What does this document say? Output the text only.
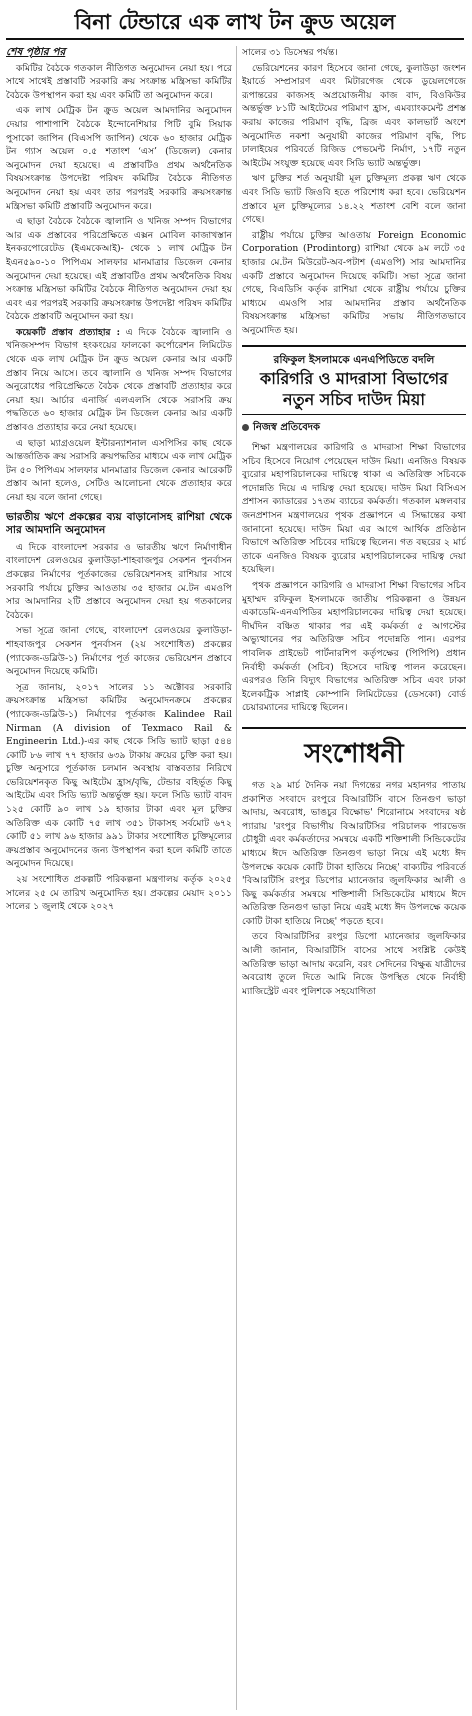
বিনা টেন্ডারে এক লাখ টন ক্রুড অয়েল
শেষ পৃষ্ঠার পর

কমিটির বৈঠকে গতকাল নীতিগত অনুমোদন নেয়া হয়। পরে সাথে সাথেই প্রস্তাবটি সরকারি ক্রয় সংক্রান্ত মন্ত্রিসভা কমিটির বৈঠকে উপস্থাপন করা হয় এবং কমিটি তা অনুমোদন করে।

এক লাখ মেট্রিক টন ক্রুড অয়েল আমদানির অনুমোদন দেয়ার পাশাপাশি বৈঠকে ইন্দোনেশিয়ার পিটি বুমি সিয়াক পুসাকো জাপিন (বিএসপি জাপিন) থেকে ৬০ হাজার মেট্রিক টন গ্যাস অয়েল ০.৫ শতাংশ ‘এস’ (ডিজেল) কেনার অনুমোদন দেয়া হয়েছে। এ প্রস্তাবটিও প্রথম অর্থনৈতিক বিষয়সংক্রান্ত উপদেষ্টা পরিষদ কমিটির বৈঠকে নীতিগত অনুমোদন নেয়া হয় এবং তার পরপরই সরকারি ক্রয়সংক্রান্ত মন্ত্রিসভা কমিটি প্রস্তাবটি অনুমোদন করে।

এ ছাড়া বৈঠকে বৈঠকে জ্বালানি ও খনিজ সম্পদ বিভাগের আর এক প্রস্তাবের পরিপ্রেক্ষিতে এক্সন মোবিল কাজাখস্তান ইনকরপোরেটেড (ইএমকেআই)- থেকে ১ লাখ মেট্রিক টন ইএন৫৯০-১০ পিপিএম সালফার মানমাত্রার ডিজেল কেনার অনুমোদন দেয়া হয়েছে। এই প্রস্তাবটিও প্রথম অর্থনৈতিক বিষয় সংক্রান্ত মন্ত্রিসভা কমিটির বৈঠকে নীতিগত অনুমোদন দেয়া হয় এবং এর পরপরই সরকারি ক্রয়সংক্রান্ত উপদেষ্টা পরিষদ কমিটির বৈঠকে প্রস্তাবটি অনুমোদন করা হয়।

কয়েকটি প্রস্তাব প্রত্যাহার : এ দিকে বৈঠকে জ্বালানি ও খনিজসম্পদ বিভাগ হংকংয়ের ফালকো কর্পোরেশন লিমিটেড থেকে এক লাখ মেট্রিক টন ক্রুড অয়েল কেনার আর একটি প্রস্তাব নিয়ে আসে। তবে জ্বালানি ও খনিজ সম্পদ বিভাগের অনুরোধের পরিপ্রেক্ষিতে বৈঠক থেকে প্রস্তাবটি প্রত্যাহার করে নেয়া হয়। আর্চার এনার্জি এলএলসি থেকে সরাসরি ক্রয় পদ্ধতিতে ৬০ হাজার মেট্রিক টন ডিজেল কেনার আর একটি প্রস্তাবও প্রত্যাহার করে নেয়া হয়েছে।

এ ছাড়া ম্যাগ্রওয়েল ইন্টারন্যাশনাল এসপিসির কাছ থেকে আন্তর্জাতিক ক্রয় সরাসরি ক্রয়পদ্ধতির মাধ্যমে এক লাখ মেট্রিক টন ৫০ পিপিএম সালফার মানমাত্রার ডিজেল কেনার আরেকটি প্রস্তাব আনা হলেও, সেটিও আলোচনা থেকে প্রত্যাহার করে নেয়া হয় বলে জানা গেছে।

ভারতীয় ঋণে প্রকল্পের ব্যয় বাড়ানোসহ রাশিয়া থেকে সার আমদানি অনুমোদন

এ দিকে বাংলাদেশ সরকার ও ভারতীয় ঋণে নির্মাণাধীন বাংলাদেশ রেলওয়ের কুলাউড়া-শাহবাজপুর সেকশন পুনর্বাসন প্রকল্পের নির্মাণের পূর্তকাজের ভেরিয়েশনসহ রাশিয়ার সাথে সরকারি পর্যায়ে চুক্তির আওতায় ৩৫ হাজার মে.টন এমওপি সার আমদানির ২টি প্রস্তাবে অনুমোদন দেয়া হয় গতকালের বৈঠকে।

সভা সূত্রে জানা গেছে, বাংলাদেশ রেলওয়ের কুলাউড়া-শাহবাজপুর সেকশন পুনর্বাসন (২য় সংশোধিত) প্রকল্পের (প্যাকেজ-ডব্লিউ-১) নির্মাণের পূর্ত কাজের ভেরিয়েশন প্রস্তাবে অনুমোদন দিয়েছে কমিটি।

সূত্র জানায়, ২০১৭ সালের ১১ অক্টোবর সরকারি ক্রয়সংক্রান্ত মন্ত্রিসভা কমিটির অনুমোদনক্রমে প্রকল্পের (প্যাকেজ-ডব্লিউ-১) নির্মাণের পূর্তকাজ Kalindee Rail Nirman (A division of Texmaco Rail & Engineerin Ltd.)-এর কাছ থেকে সিডি ভ্যাট ছাড়া ৫৪৪ কোটি ৮৬ লাখ ৭৭ হাজার ৬৩৯ টাকায় ক্রয়ের চুক্তি করা হয়। চুক্তি অনুসারে পূর্তকাজ চলমান অবস্থায় বাস্তবতার নিরিখে ভেরিয়েশনকৃত কিছু আইটেম হ্রাস/বৃদ্ধি, টেন্ডার বহির্ভূত কিছু আইটেম এবং সিডি ভ্যাট অন্তর্ভুক্ত হয়। ফলে সিডি ভ্যাট বাবদ ১২৫ কোটি ৯০ লাখ ১৯ হাজার টাকা এবং মূল চুক্তির অতিরিক্ত এক কোটি ৭৫ লাখ ৩৫১ টাকাসহ সর্বমোট ৬৭২ কোটি ৫১ লাখ ৯৬ হাজার ৯৯১ টাকার সংশোধিত চুক্তিমূল্যের ক্রয়প্রস্তাব অনুমোদনের জন্য উপস্থাপন করা হলে কমিটি তাতে অনুমোদন দিয়েছে।

২য় সংশোধিত প্রকল্পটি পরিকল্পনা মন্ত্রণালয় কর্তৃক ২০২৫ সালের ২৫ মে তারিখ অনুমোদিত হয়। প্রকল্পের মেয়াদ ২০১১ সালের ১ জুলাই থেকে ২০২৭

সালের ৩১ ডিসেম্বর পর্যন্ত।

ভেরিয়েশনের কারণ হিসেবে জানা গেছে, কুলাউড়া জংশন ইয়ার্ডে সম্প্রসারণ এবং মিটারগেজ থেকে ডুয়েলগেজে রূপান্তরের কাজসহ অপ্রয়োজনীয় কাজ বাদ, বিওকিউর অন্তর্ভুক্ত ৮১টি আইটেমের পরিমাণ হ্রাস, এমব্যাংকমেন্ট প্রশস্ত করায় কাজের পরিমাণ বৃদ্ধি, ব্রিজ এবং কালভার্ট অংশে অনুমোদিত নকশা অনুযায়ী কাজের পরিমাণ বৃদ্ধি, পিচ ঢালাইয়ের পরিবর্তে রিজিড পেভমেন্ট নির্মাণ, ১৭টি নতুন আইটেম সংযুক্ত হয়েছে এবং সিডি ভ্যাট অন্তর্ভুক্ত।

ঋণ চুক্তির শর্ত অনুযায়ী মূল চুক্তিমূল্য প্রকল্প ঋণ থেকে এবং সিডি ভ্যাট জিওবি হতে পরিশোধ করা হবে। ভেরিয়েশন প্রস্তাবে মূল চুক্তিমূল্যের ১৪.২২ শতাংশ বেশি বলে জানা গেছে।

রাষ্ট্রীয় পর্যায়ে চুক্তির আওতায় Foreign Economic Corporation (Prodintorg) রাশিয়া থেকে ৯ম লটে ৩৫ হাজার মে.টন মিউরেট-অব-পটাশ (এমওপি) সার আমদানির একটি প্রস্তাবে অনুমোদন দিয়েছে কমিটি। সভা সূত্রে জানা গেছে, বিএডিসি কর্তৃক রাশিয়া থেকে রাষ্ট্রীয় পর্যায়ে চুক্তির মাধ্যমে এমওপি সার আমদানির প্রস্তাব অর্থনৈতিক বিষয়সংক্রান্ত মন্ত্রিসভা কমিটির সভায় নীতিগতভাবে অনুমোদিত হয়।

রফিকুল ইসলামকে এনএপিডিতে বদলি
কারিগরি ও মাদরাসা বিভাগের নতুন সচিব দাউদ মিয়া
নিজস্ব প্রতিবেদক

শিক্ষা মন্ত্রণালয়ের কারিগরি ও মাদরাসা শিক্ষা বিভাগের সচিব হিসেবে নিয়োগ পেয়েছেন দাউদ মিয়া। এনজিও বিষয়ক ব্যুরোর মহাপরিচালকের দায়িত্বে থাকা এ অতিরিক্ত সচিবকে পদোন্নতি দিয়ে এ দায়িত্ব দেয়া হয়েছে। দাউদ মিয়া বিসিএস প্রশাসন ক্যাডারের ১৭তম ব্যাচের কর্মকর্তা। গতকাল মঙ্গলবার জনপ্রশাসন মন্ত্রণালয়ের পৃথক প্রজ্ঞাপনে এ সিদ্ধান্তের কথা জানানো হয়েছে। দাউদ মিয়া এর আগে আর্থিক প্রতিষ্ঠান বিভাগে অতিরিক্ত সচিবের দায়িত্বে ছিলেন। গত বছরের ২ মার্চ তাকে এনজিও বিষয়ক ব্যুরোর মহাপরিচালকের দায়িত্ব দেয়া হয়েছিল।

পৃথক প্রজ্ঞাপনে কারিগরি ও মাদরাসা শিক্ষা বিভাগের সচিব মুহাম্মদ রফিকুল ইসলামকে জাতীয় পরিকল্পনা ও উন্নয়ন একাডেমি-এনএপিডির মহাপরিচালকের দায়িত্ব দেয়া হয়েছে। দীর্ঘদিন বঞ্চিত থাকার পর এই কর্মকর্তা ৫ আগস্টের অভ্যুত্থানের পর অতিরিক্ত সচিব পদোন্নতি পান। এরপর পাবলিক প্রাইভেট পার্টনারশিপ কর্তৃপক্ষের (পিপিপি) প্রধান নির্বাহী কর্মকর্তা (সচিব) হিসেবে দায়িত্ব পালন করেছেন। এরপরও তিনি বিদ্যুৎ বিভাগের অতিরিক্ত সচিব এবং ঢাকা ইলেকট্রিক সাপ্লাই কোম্পানি লিমিটেডের (ডেসকো) বোর্ড চেয়ারম্যানের দায়িত্বে ছিলেন।

সংশোধনী

গত ২৯ মার্চ দৈনিক নয়া দিগন্তের নগর মহানগর পাতায় প্রকাশিত সংবাদে রংপুরে বিআরটিসি বাসে তিনগুণ ভাড়া আদায়, অবরোধ, ভাঙচুর বিক্ষোভ' শিরোনামে সংবাদের ষষ্ঠ প্যারায় 'রংপুর বিভাগীয় বিআরটিসির পরিচালক পারভেজ চৌধুরী এবং কর্মকর্তাদের সমন্বয়ে একটি শক্তিশালী সিন্ডিকেটের মাধ্যমে ঈদে অতিরিক্ত তিনগুণ ভাড়া নিয়ে এই মধ্যে ঈদ উপলক্ষে কয়েক কোটি টাকা হাতিয়ে নিচ্ছে' বাক্যটির পরিবর্তে 'বিআরটিসি রংপুর ডিপোর ম্যানেজার জুলফিকার আলী ও কিছু কর্মকর্তার সমন্বয়ে শক্তিশালী সিন্ডিকেটের মাধ্যমে ঈদে অতিরিক্ত তিনগুণ ভাড়া নিয়ে এরই মধ্যে ঈদ উপলক্ষে কয়েক কোটি টাকা হাতিয়ে নিচ্ছে' পড়তে হবে।

তবে বিআরটিসির রংপুর ডিপো ম্যানেজার জুলফিকার আলী জানান, বিআরটিসি বাসের সাথে সংশ্লিষ্ট কেউই অতিরিক্ত ভাড়া আদায় করেনি, বরং সেদিনের বিক্ষুব্ধ যাত্রীদের অবরোধ তুলে দিতে আমি নিজে উপস্থিত থেকে নির্বাহী ম্যাজিস্ট্রেট এবং পুলিশকে সহযোগিতা
